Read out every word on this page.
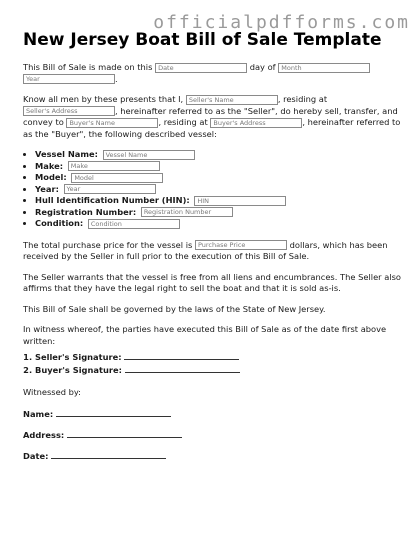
officialpdfforms.com
New Jersey Boat Bill of Sale Template

This Bill of Sale is made on this Date	day of Month Year	.

Know all men by these presents that I, Seller's Name	, residing at Seller's Address	, hereinafter referred to as the "Seller", do hereby sell, transfer, and convey to Buyer's Name	, residing at Buyer's Address	, hereinafter referred to as the "Buyer", the following described vessel:

• Vessel Name: Vessel Name
• Make: Make
• Model: Model
• Year: Year
• Hull Identification Number (HIN): HIN
• Registration Number: Registration Number
• Condition: Condition

The total purchase price for the vessel is Purchase Price	dollars, which has been received by the Seller in full prior to the execution of this Bill of Sale.

The Seller warrants that the vessel is free from all liens and encumbrances. The Seller also affirms that they have the legal right to sell the boat and that it is sold as-is.

This Bill of Sale shall be governed by the laws of the State of New Jersey.

In witness whereof, the parties have executed this Bill of Sale as of the date first above written:

1. Seller's Signature:
2. Buyer's Signature:

Witnessed by:

Name:
Address:
Date:
